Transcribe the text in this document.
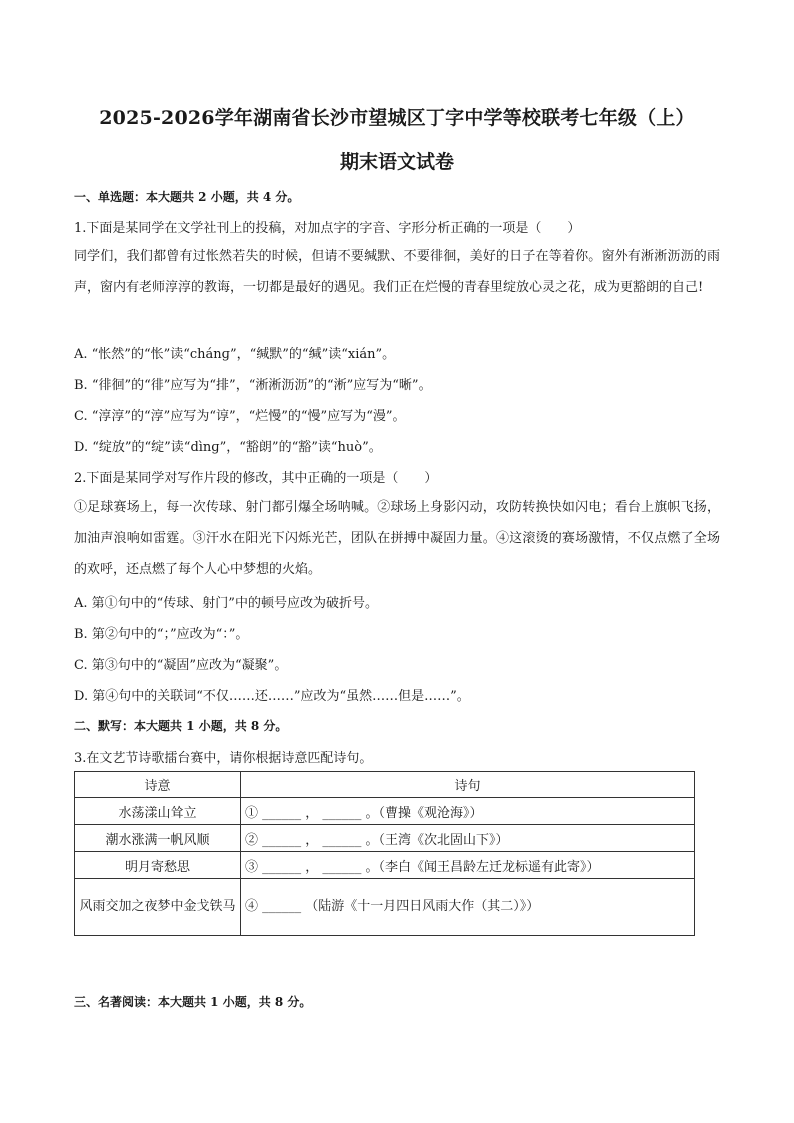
2025-2026学年湖南省长沙市望城区丁字中学等校联考七年级（上）
期末语文试卷
一、单选题：本大题共 2 小题，共 4 分。
1.下面是某同学在文学社刊上的投稿，对加点字的字音、字形分析正确的一项是（　　）
同学们，我们都曾有过怅然若失的时候，但请不要缄默、不要徘徊，美好的日子在等着你。窗外有淅淅沥沥的雨声，窗内有老师淳淳的教诲，一切都是最好的遇见。我们正在烂慢的青春里绽放心灵之花，成为更豁朗的自己!
A. “怅然”的“怅”读“chánɡ”，“缄默”的“缄”读“xián”。
B. “徘徊”的“徘”应写为“排”，“淅淅沥沥”的“淅”应写为“晰”。
C. “淳淳”的“淳”应写为“谆”，“烂慢”的“慢”应写为“漫”。
D. “绽放”的“绽”读“dìnɡ”，“豁朗”的“豁”读“huò”。
2.下面是某同学对写作片段的修改，其中正确的一项是（　　）
①足球赛场上，每一次传球、射门都引爆全场呐喊。②球场上身影闪动，攻防转换快如闪电；看台上旗帜飞扬，加油声浪响如雷霆。③汗水在阳光下闪烁光芒，团队在拼搏中凝固力量。④这滚烫的赛场激情，不仅点燃了全场的欢呼，还点燃了每个人心中梦想的火焰。
A. 第①句中的“传球、射门”中的顿号应改为破折号。
B. 第②句中的“；”应改为“：”。
C. 第③句中的“凝固”应改为“凝聚”。
D. 第④句中的关联词“不仅……还……”应改为“虽然……但是……”。
二、默写：本大题共 1 小题，共 8 分。
3.在文艺节诗歌擂台赛中，请你根据诗意匹配诗句。
诗意	诗句
水荡漾山耸立	① ______ ， ______ 。（曹操《观沧海》）
潮水涨满一帆风顺	② ______ ， ______ 。（王湾《次北固山下》）
明月寄愁思	③ ______ ， ______ 。（李白《闻王昌龄左迁龙标遥有此寄》）
风雨交加之夜梦中金戈铁马	④ ______ （陆游《十一月四日风雨大作（其二）》）
三、名著阅读：本大题共 1 小题，共 8 分。
